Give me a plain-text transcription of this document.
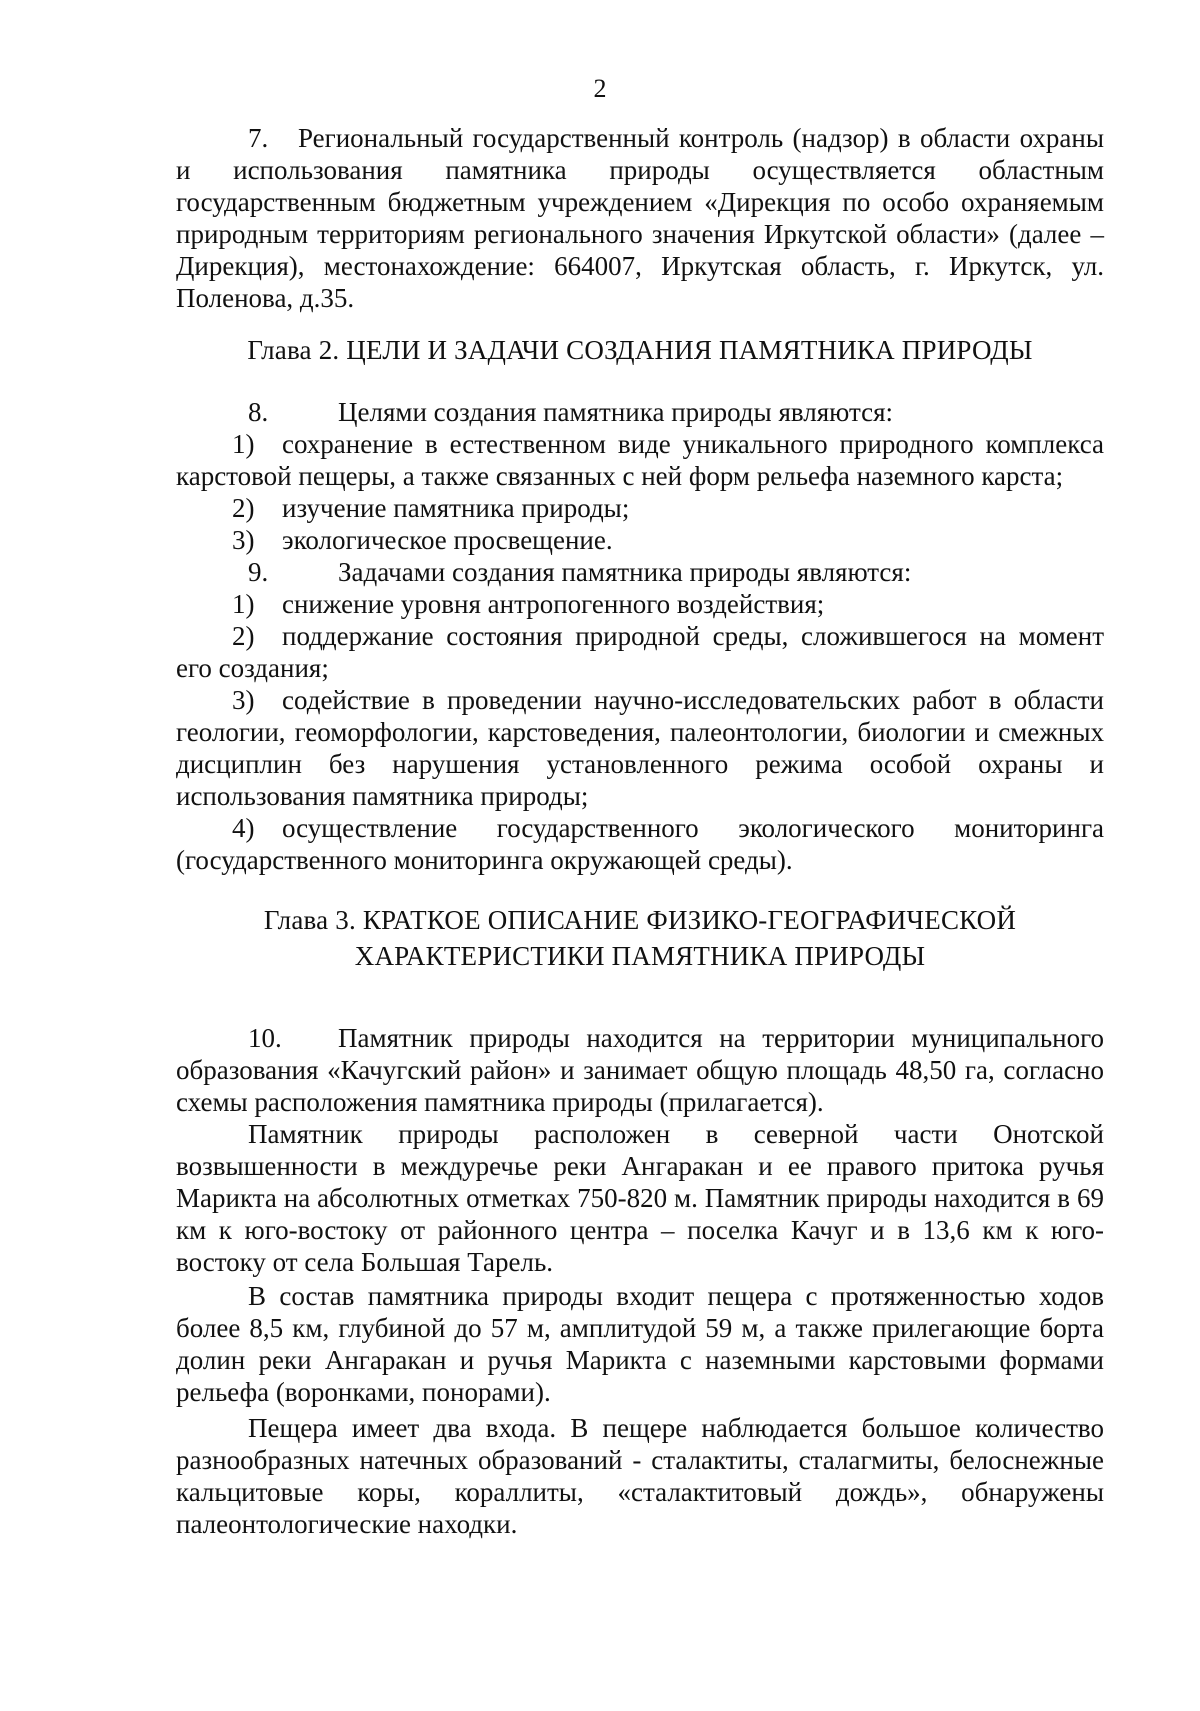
2
7. Региональный государственный контроль (надзор) в области охраны и использования памятника природы осуществляется областным государственным бюджетным учреждением «Дирекция по особо охраняемым природным территориям регионального значения Иркутской области» (далее – Дирекция), местонахождение: 664007, Иркутская область, г. Иркутск, ул. Поленова, д.35.
Глава 2. ЦЕЛИ И ЗАДАЧИ СОЗДАНИЯ ПАМЯТНИКА ПРИРОДЫ
8.	Целями создания памятника природы являются:
1) сохранение в естественном виде уникального природного комплекса карстовой пещеры, а также связанных с ней форм рельефа наземного карста;
2) изучение памятника природы;
3) экологическое просвещение.
9.	Задачами создания памятника природы являются:
1) снижение уровня антропогенного воздействия;
2) поддержание состояния природной среды, сложившегося на момент его создания;
3) содействие в проведении научно-исследовательских работ в области геологии, геоморфологии, карстоведения, палеонтологии, биологии и смежных дисциплин без нарушения установленного режима особой охраны и использования памятника природы;
4) осуществление государственного экологического мониторинга (государственного мониторинга окружающей среды).
Глава 3. КРАТКОЕ ОПИСАНИЕ ФИЗИКО-ГЕОГРАФИЧЕСКОЙ
ХАРАКТЕРИСТИКИ ПАМЯТНИКА ПРИРОДЫ
10. Памятник природы находится на территории муниципального образования «Качугский район» и занимает общую площадь 48,50 га, согласно схемы расположения памятника природы (прилагается).
Памятник природы расположен в северной части Онотской возвышенности в междуречье реки Ангаракан и ее правого притока ручья Марикта на абсолютных отметках 750-820 м. Памятник природы находится в 69 км к юго-востоку от районного центра – поселка Качуг и в 13,6 км к юго-востоку от села Большая Тарель.
В состав памятника природы входит пещера с протяженностью ходов более 8,5 км, глубиной до 57 м, амплитудой 59 м, а также прилегающие борта долин реки Ангаракан и ручья Марикта с наземными карстовыми формами рельефа (воронками, понорами).
Пещера имеет два входа. В пещере наблюдается большое количество разнообразных натечных образований - сталактиты, сталагмиты, белоснежные кальцитовые коры, кораллиты, «сталактитовый дождь», обнаружены палеонтологические находки.
